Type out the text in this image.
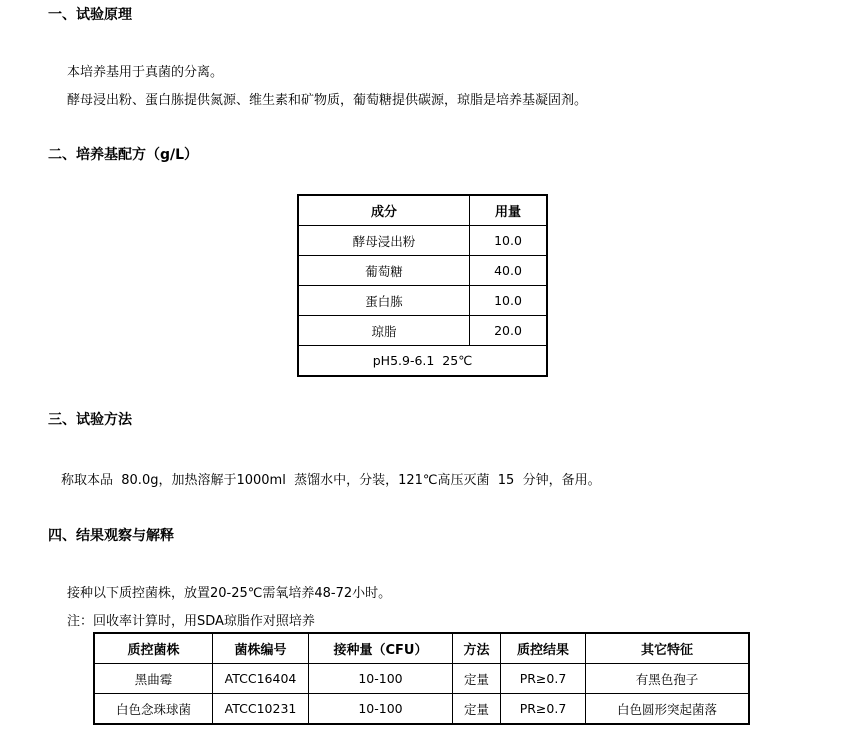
一、试验原理
本培养基用于真菌的分离。
酵母浸出粉、蛋白胨提供氮源、维生素和矿物质，葡萄糖提供碳源，琼脂是培养基凝固剂。
二、培养基配方（g/L）
成分	用量
酵母浸出粉	10.0
葡萄糖	40.0
蛋白胨	10.0
琼脂	20.0
pH5.9-6.1  25℃	
三、试验方法
称取本品  80.0g，加热溶解于1000ml  蒸馏水中，分装，121℃高压灭菌  15  分钟，备用。
四、结果观察与解释
接种以下质控菌株，放置20-25℃需氧培养48-72小时。
注：回收率计算时，用SDA琼脂作对照培养
质控菌株	菌株编号	接种量（CFU）	方法	质控结果	其它特征
黑曲霉	ATCC16404	10-100	定量	PR≥0.7	有黑色孢子
白色念珠球菌	ATCC10231	10-100	定量	PR≥0.7	白色圆形突起菌落
